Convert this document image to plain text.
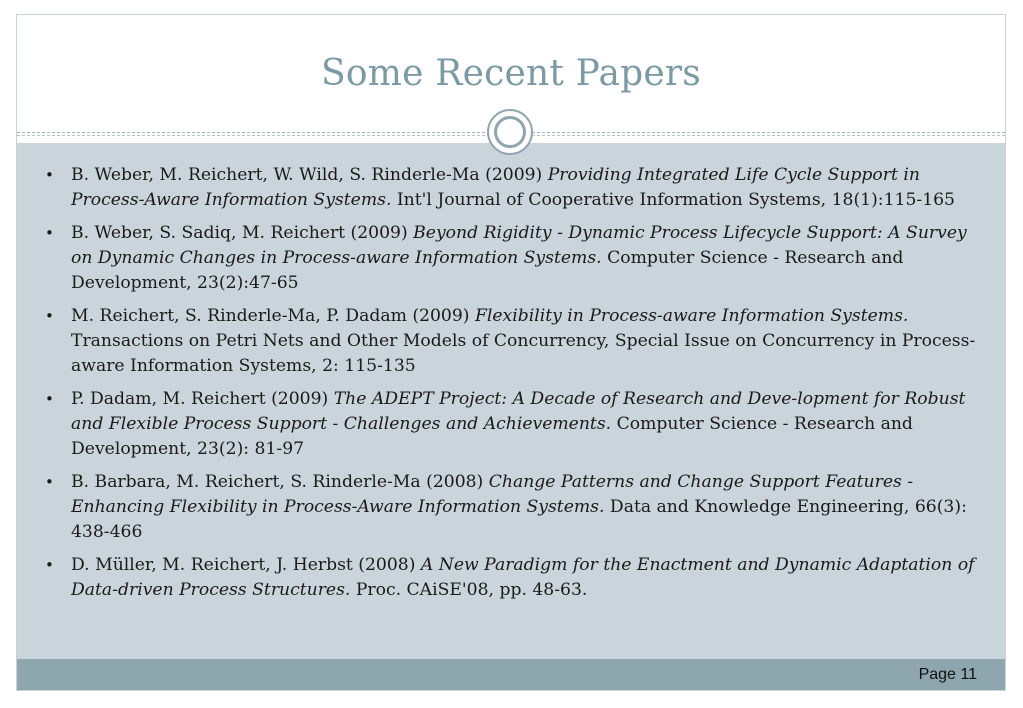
Some Recent Papers
• B. Weber, M. Reichert, W. Wild, S. Rinderle-Ma (2009) Providing Integrated Life Cycle Support in Process-Aware Information Systems. Int'l Journal of Cooperative Information Systems, 18(1):115-165
• B. Weber, S. Sadiq, M. Reichert (2009) Beyond Rigidity - Dynamic Process Lifecycle Support: A Survey on Dynamic Changes in Process-aware Information Systems. Computer Science - Research and Development, 23(2):47-65
• M. Reichert, S. Rinderle-Ma, P. Dadam (2009) Flexibility in Process-aware Information Systems. Transactions on Petri Nets and Other Models of Concurrency, Special Issue on Concurrency in Process-aware Information Systems, 2: 115-135
• P. Dadam, M. Reichert (2009) The ADEPT Project: A Decade of Research and Deve-lopment for Robust and Flexible Process Support - Challenges and Achievements. Computer Science - Research and Development, 23(2): 81-97
• B. Barbara, M. Reichert, S. Rinderle-Ma (2008) Change Patterns and Change Support Features - Enhancing Flexibility in Process-Aware Information Systems. Data and Knowledge Engineering, 66(3): 438-466
• D. Müller, M. Reichert, J. Herbst (2008) A New Paradigm for the Enactment and Dynamic Adaptation of Data-driven Process Structures. Proc. CAiSE'08, pp. 48-63.
Page 11
